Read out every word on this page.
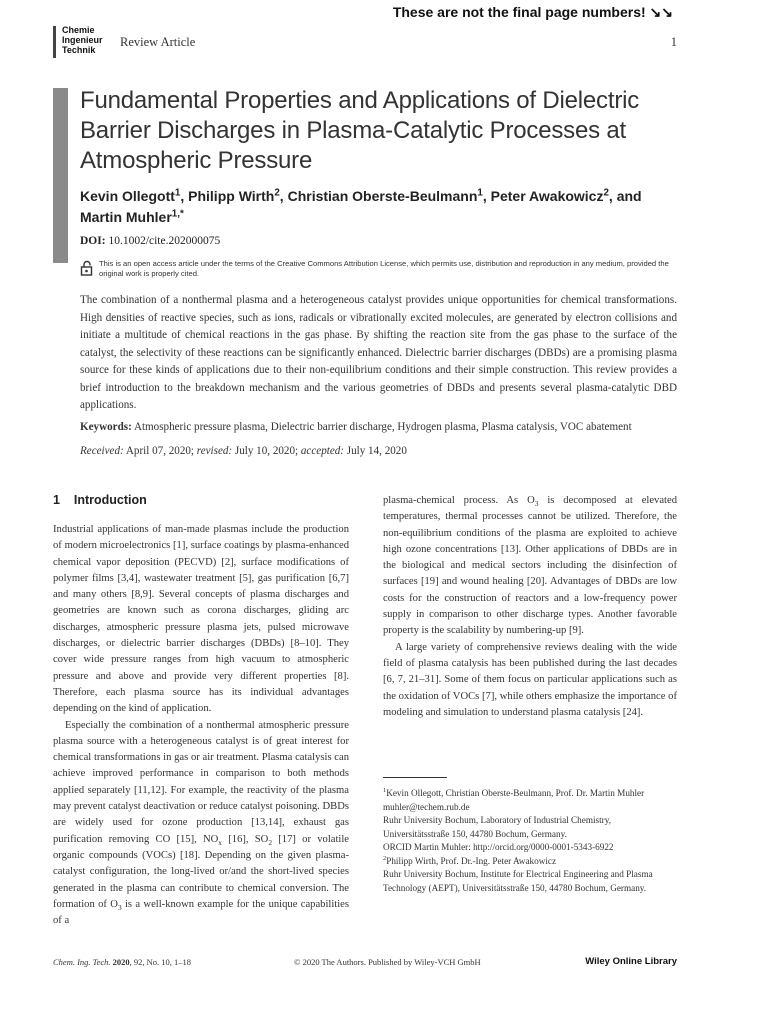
These are not the final page numbers! ↘↘
Chemie
Ingenieur
Technik
Review Article	1
Fundamental Properties and Applications of Dielectric Barrier Discharges in Plasma-Catalytic Processes at Atmospheric Pressure
Kevin Ollegott$^1$, Philipp Wirth$^2$, Christian Oberste-Beulmann$^1$, Peter Awakowicz$^2$, and
Martin Muhler$^{1,*}$
DOI: 10.1002/cite.202000075
This is an open access article under the terms of the Creative Commons Attribution License, which permits use, distribution and reproduction in any medium, provided the original work is properly cited.
The combination of a nonthermal plasma and a heterogeneous catalyst provides unique opportunities for chemical transformations. High densities of reactive species, such as ions, radicals or vibrationally excited molecules, are generated by electron collisions and initiate a multitude of chemical reactions in the gas phase. By shifting the reaction site from the gas phase to the surface of the catalyst, the selectivity of these reactions can be significantly enhanced. Dielectric barrier discharges (DBDs) are a promising plasma source for these kinds of applications due to their non-equilibrium conditions and their simple construction. This review provides a brief introduction to the breakdown mechanism and the various geometries of DBDs and presents several plasma-catalytic DBD applications.
Keywords: Atmospheric pressure plasma, Dielectric barrier discharge, Hydrogen plasma, Plasma catalysis, VOC abatement
Received: April 07, 2020; revised: July 10, 2020; accepted: July 14, 2020
1 Introduction

Industrial applications of man-made plasmas include the production of modern microelectronics [1], surface coatings by plasma-enhanced chemical vapor deposition (PECVD) [2], surface modifications of polymer films [3,4], wastewater treatment [5], gas purification [6,7] and many others [8,9]. Several concepts of plasma discharges and geometries are known such as corona discharges, gliding arc discharges, atmospheric pressure plasma jets, pulsed microwave discharges, or dielectric barrier discharges (DBDs) [8–10]. They cover wide pressure ranges from high vacuum to atmospheric pressure and above and provide very different properties [8]. Therefore, each plasma source has its individual advantages depending on the kind of application.

Especially the combination of a nonthermal atmospheric pressure plasma source with a heterogeneous catalyst is of great interest for chemical transformations in gas or air treatment. Plasma catalysis can achieve improved performance in comparison to both methods applied separately [11,12]. For example, the reactivity of the plasma may prevent catalyst deactivation or reduce catalyst poisoning. DBDs are widely used for ozone production [13,14], exhaust gas purification removing CO [15], $NO_x$ [16], $SO_2$ [17] or volatile organic compounds (VOCs) [18]. Depending on the given plasma-catalyst configuration, the long-lived or/and the short-lived species generated in the plasma can contribute to chemical conversion. The formation of $O_3$ is a well-known example for the unique capabilities of a

plasma-chemical process. As $O_3$ is decomposed at elevated temperatures, thermal processes cannot be utilized. Therefore, the non-equilibrium conditions of the plasma are exploited to achieve high ozone concentrations [13]. Other applications of DBDs are in the biological and medical sectors including the disinfection of surfaces [19] and wound healing [20]. Advantages of DBDs are low costs for the construction of reactors and a low-frequency power supply in comparison to other discharge types. Another favorable property is the scalability by numbering-up [9].

A large variety of comprehensive reviews dealing with the wide field of plasma catalysis has been published during the last decades [6, 7, 21–31]. Some of them focus on particular applications such as the oxidation of VOCs [7], while others emphasize the importance of modeling and simulation to understand plasma catalysis [24].

$^1$Kevin Ollegott, Christian Oberste-Beulmann, Prof. Dr. Martin Muhler
muhler@techem.rub.de
Ruhr University Bochum, Laboratory of Industrial Chemistry, Universitätsstraße 150, 44780 Bochum, Germany.
ORCID Martin Muhler: http://orcid.org/0000-0001-5343-6922
$^2$Philipp Wirth, Prof. Dr.-Ing. Peter Awakowicz
Ruhr University Bochum, Institute for Electrical Engineering and Plasma Technology (AEPT), Universitätsstraße 150, 44780 Bochum, Germany.
Chem. Ing. Tech. 2020, 92, No. 10, 1–18	© 2020 The Authors. Published by Wiley-VCH GmbH	Wiley Online Library
